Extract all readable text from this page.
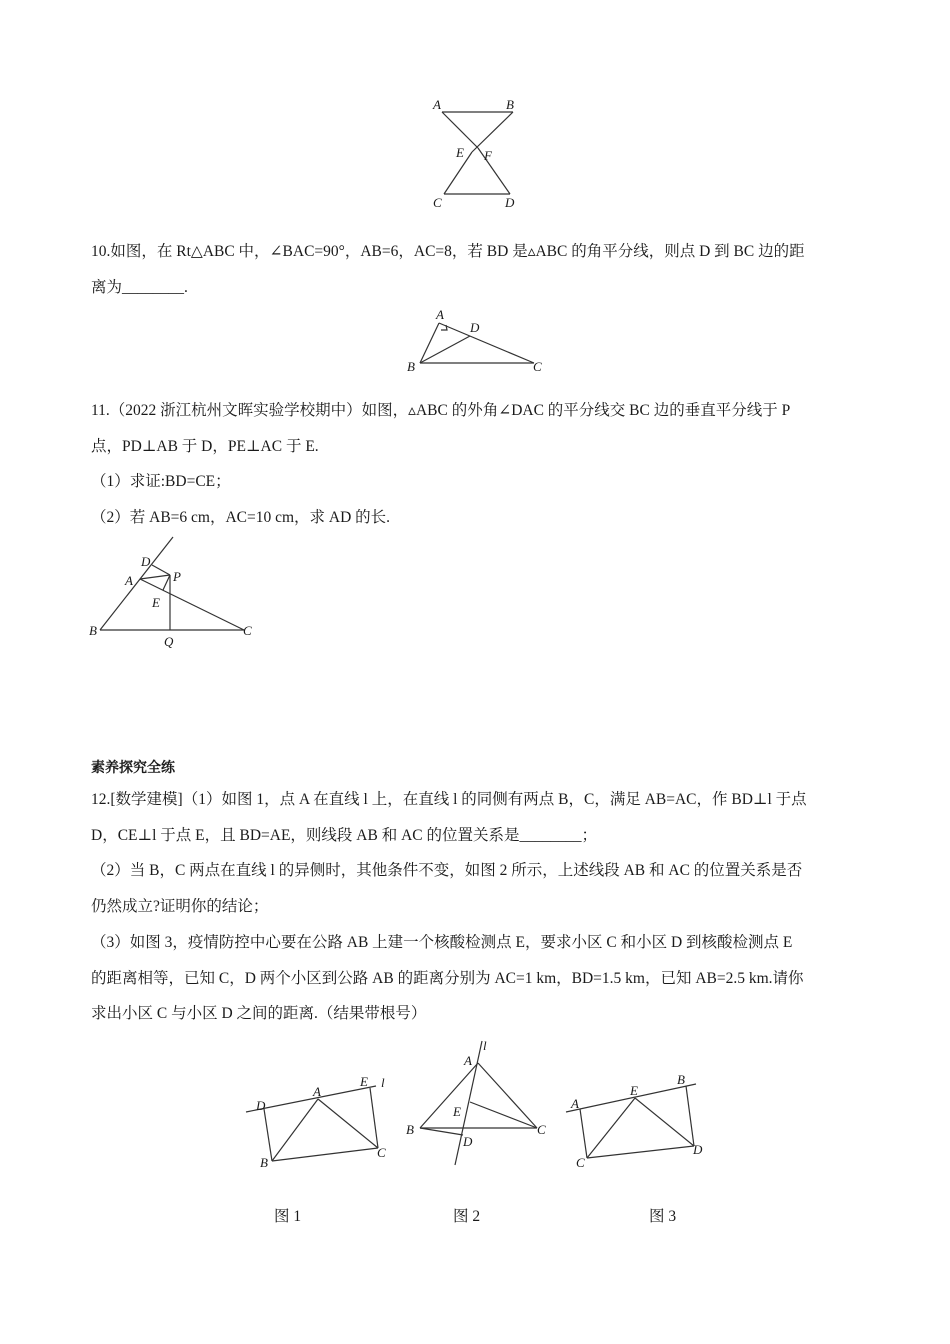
A	B
E F
C	D
10.如图，在 Rt△ABC 中，∠BAC=90°，AB=6，AC=8，若 BD 是▵ABC 的角平分线，则点 D 到 BC 边的距
离为________.
A
D
B	C
11.（2022 浙江杭州文晖实验学校期中）如图，▵ABC 的外角∠DAC 的平分线交 BC 边的垂直平分线于 P
点，PD⊥AB 于 D，PE⊥AC 于 E.
（1）求证:BD=CE；
（2）若 AB=6 cm，AC=10 cm，求 AD 的长.
D
A	P
E
B
Q
C
素养探究全练
12.[数学建模]（1）如图 1，点 A 在直线 l 上，在直线 l 的同侧有两点 B，C，满足 AB=AC，作 BD⊥l 于点
D，CE⊥l 于点 E，且 BD=AE，则线段 AB 和 AC 的位置关系是________；
（2）当 B，C 两点在直线 l 的异侧时，其他条件不变，如图 2 所示，上述线段 AB 和 AC 的位置关系是否
仍然成立?证明你的结论；
（3）如图 3，疫情防控中心要在公路 AB 上建一个核酸检测点 E，要求小区 C 和小区 D 到核酸检测点 E
的距离相等，已知 C，D 两个小区到公路 AB 的距离分别为 AC=1 km，BD=1.5 km，已知 AB=2.5 km.请你
求出小区 C 与小区 D 之间的距离.（结果带根号）
D
A
E l
B
C
A
l
E
B
D
C
A
E
B
C
D
图 1	图 2	图 3
